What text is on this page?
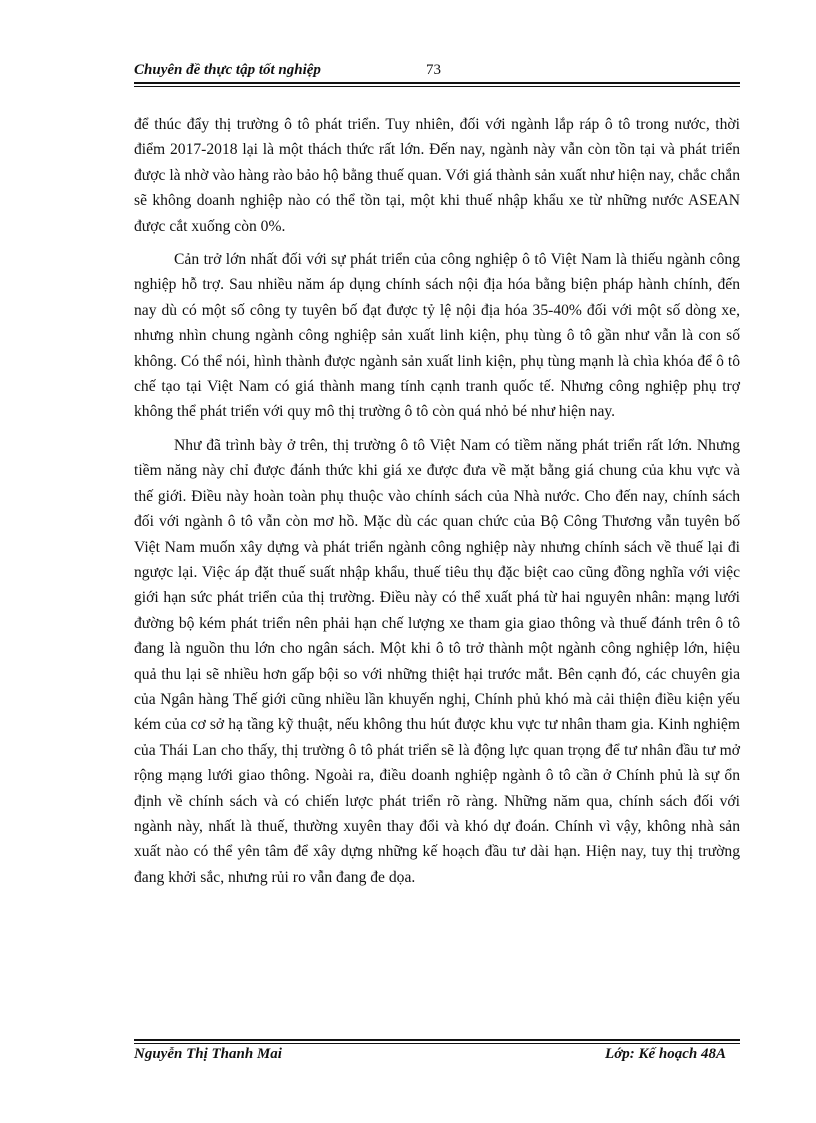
Chuyên đề thực tập tốt nghiệp	73

để thúc đẩy thị trường ô tô phát triển. Tuy nhiên, đối với ngành lắp ráp ô tô trong nước, thời điểm 2017-2018 lại là một thách thức rất lớn. Đến nay, ngành này vẫn còn tồn tại và phát triển được là nhờ vào hàng rào bảo hộ bằng thuế quan. Với giá thành sản xuất như hiện nay, chắc chắn sẽ không doanh nghiệp nào có thể tồn tại, một khi thuế nhập khẩu xe từ những nước ASEAN được cắt xuống còn 0%.

Cản trở lớn nhất đối với sự phát triển của công nghiệp ô tô Việt Nam là thiếu ngành công nghiệp hỗ trợ. Sau nhiều năm áp dụng chính sách nội địa hóa bằng biện pháp hành chính, đến nay dù có một số công ty tuyên bố đạt được tỷ lệ nội địa hóa 35-40% đối với một số dòng xe, nhưng nhìn chung ngành công nghiệp sản xuất linh kiện, phụ tùng ô tô gần như vẫn là con số không. Có thể nói, hình thành được ngành sản xuất linh kiện, phụ tùng mạnh là chìa khóa để ô tô chế tạo tại Việt Nam có giá thành mang tính cạnh tranh quốc tế. Nhưng công nghiệp phụ trợ không thể phát triển với quy mô thị trường ô tô còn quá nhỏ bé như hiện nay.

Như đã trình bày ở trên, thị trường ô tô Việt Nam có tiềm năng phát triển rất lớn. Nhưng tiềm năng này chỉ được đánh thức khi giá xe được đưa về mặt bằng giá chung của khu vực và thế giới. Điều này hoàn toàn phụ thuộc vào chính sách của Nhà nước. Cho đến nay, chính sách đối với ngành ô tô vẫn còn mơ hồ. Mặc dù các quan chức của Bộ Công Thương vẫn tuyên bố Việt Nam muốn xây dựng và phát triển ngành công nghiệp này nhưng chính sách về thuế lại đi ngược lại. Việc áp đặt thuế suất nhập khẩu, thuế tiêu thụ đặc biệt cao cũng đồng nghĩa với việc giới hạn sức phát triển của thị trường. Điều này có thể xuất phá từ hai nguyên nhân: mạng lưới đường bộ kém phát triển nên phải hạn chế lượng xe tham gia giao thông và thuế đánh trên ô tô đang là nguồn thu lớn cho ngân sách. Một khi ô tô trở thành một ngành công nghiệp lớn, hiệu quả thu lại sẽ nhiều hơn gấp bội so với những thiệt hại trước mắt. Bên cạnh đó, các chuyên gia của Ngân hàng Thế giới cũng nhiều lần khuyến nghị, Chính phủ khó mà cải thiện điều kiện yếu kém của cơ sở hạ tầng kỹ thuật, nếu không thu hút được khu vực tư nhân tham gia. Kinh nghiệm của Thái Lan cho thấy, thị trường ô tô phát triển sẽ là động lực quan trọng để tư nhân đầu tư mở rộng mạng lưới giao thông. Ngoài ra, điều doanh nghiệp ngành ô tô cần ở Chính phủ là sự ổn định về chính sách và có chiến lược phát triển rõ ràng. Những năm qua, chính sách đối với ngành này, nhất là thuế, thường xuyên thay đổi và khó dự đoán. Chính vì vậy, không nhà sản xuất nào có thể yên tâm để xây dựng những kế hoạch đầu tư dài hạn. Hiện nay, tuy thị trường đang khởi sắc, nhưng rủi ro vẫn đang đe dọa.

Nguyễn Thị Thanh Mai	Lớp: Kế hoạch 48A
